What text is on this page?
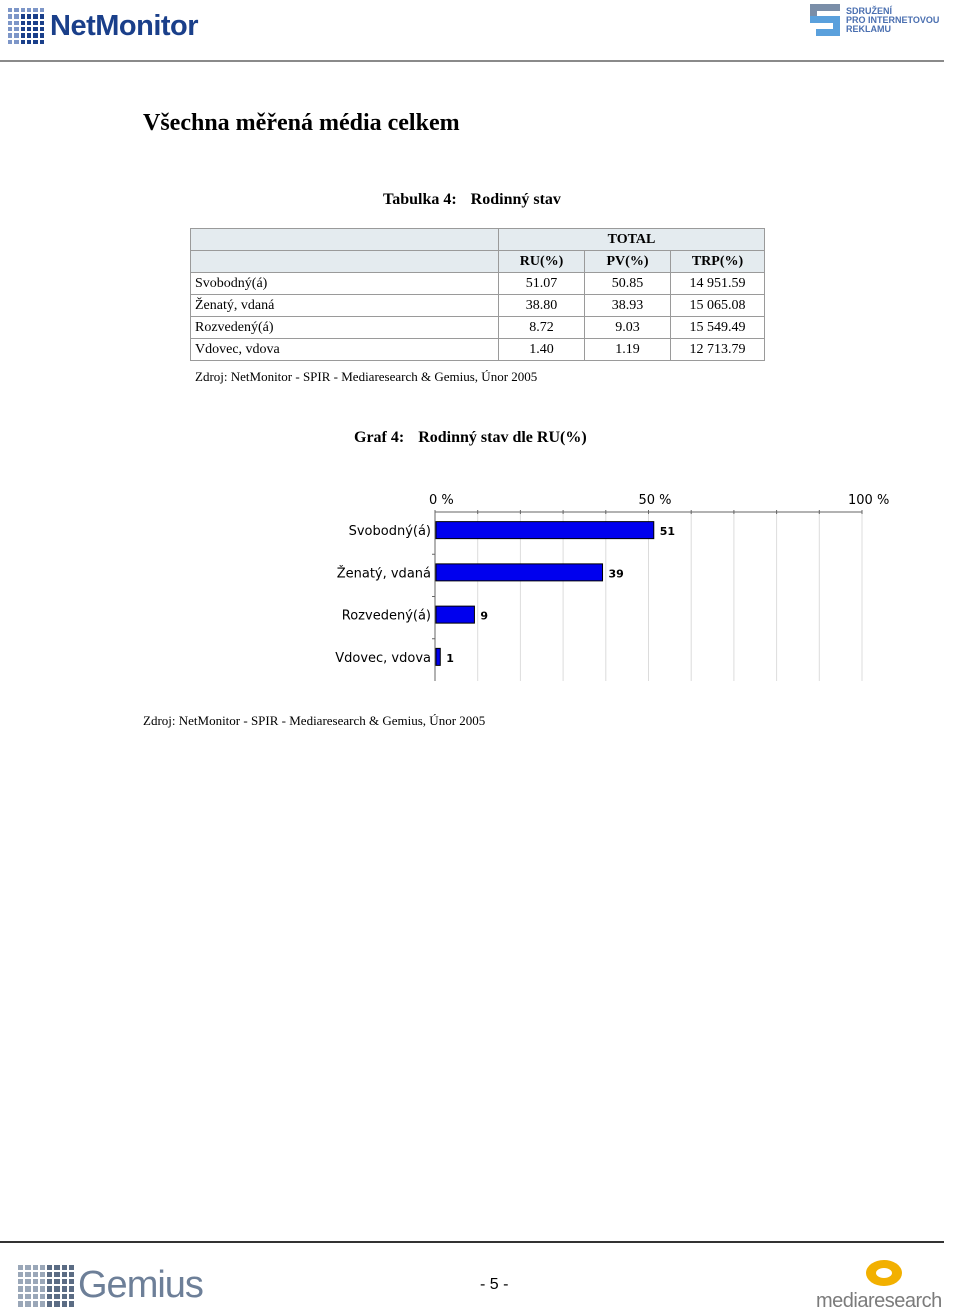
NetMonitor	SDRUŽENÍ
PRO INTERNETOVOU
REKLAMU
Všechna měřená média celkem
Tabulka 4: Rodinný stav
	TOTAL		
	RU(%)	PV(%)	TRP(%)
Svobodný(á)	51.07	50.85	14 951.59
Ženatý, vdaná	38.80	38.93	15 065.08
Rozvedený(á)	8.72	9.03	15 549.49
Vdovec, vdova	1.40	1.19	12 713.79
Zdroj: NetMonitor - SPIR - Mediaresearch & Gemius, Únor 2005
Graf 4: Rodinný stav dle RU(%)
0 %	50 %	100 %
Svobodný(á)	51
Ženatý, vdaná	39
Rozvedený(á)	9
Vdovec, vdova 1
Zdroj: NetMonitor - SPIR - Mediaresearch & Gemius, Únor 2005
Gemius	- 5 -
mediaresearch
